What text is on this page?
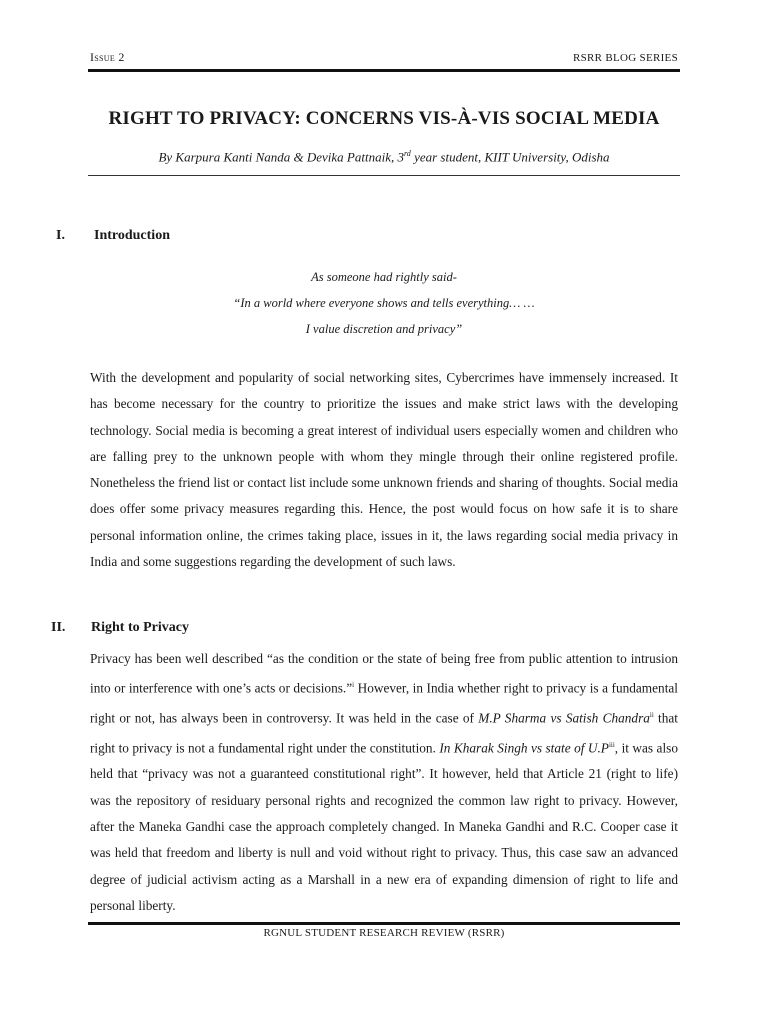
Issue 2	RSRR BLOG SERIES
RIGHT TO PRIVACY: CONCERNS VIS-À-VIS SOCIAL MEDIA
By Karpura Kanti Nanda & Devika Pattnaik, 3rd year student, KIIT University, Odisha
I.	Introduction
As someone had rightly said-
“In a world where everyone shows and tells everything… …
I value discretion and privacy”

With the development and popularity of social networking sites, Cybercrimes have immensely increased. It has become necessary for the country to prioritize the issues and make strict laws with the developing technology. Social media is becoming a great interest of individual users especially women and children who are falling prey to the unknown people with whom they mingle through their online registered profile. Nonetheless the friend list or contact list include some unknown friends and sharing of thoughts. Social media does offer some privacy measures regarding this. Hence, the post would focus on how safe it is to share personal information online, the crimes taking place, issues in it, the laws regarding social media privacy in India and some suggestions regarding the development of such laws.

II.	Right to Privacy

Privacy has been well described “as the condition or the state of being free from public attention to intrusion into or interference with one’s acts or decisions.”$^i$ However, in India whether right to privacy is a fundamental right or not, has always been in controversy. It was held in the case of M.P Sharma vs Satish Chandra$^{ii}$ that right to privacy is not a fundamental right under the constitution. In Kharak Singh vs state of $U.P^{iii}$, it was also held that “privacy was not a guaranteed constitutional right”. It however, held that Article 21 (right to life) was the repository of residuary personal rights and recognized the common law right to privacy. However, after the Maneka Gandhi case the approach completely changed. In Maneka Gandhi and R.C. Cooper case it was held that freedom and liberty is null and void without right to privacy. Thus, this case saw an advanced degree of judicial activism acting as a Marshall in a new era of expanding dimension of right to life and personal liberty.

RGNUL STUDENT RESEARCH REVIEW (RSRR)
